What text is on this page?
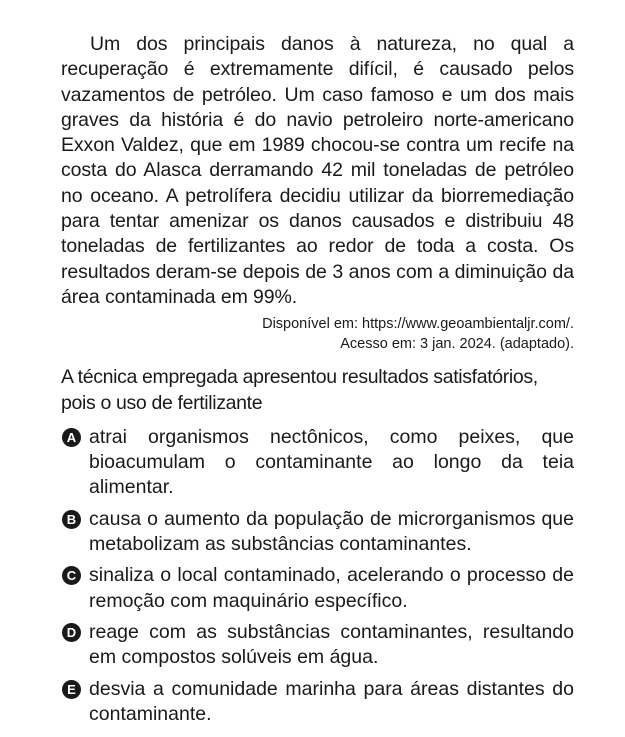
Um dos principais danos à natureza, no qual a recuperação é extremamente difícil, é causado pelos vazamentos de petróleo. Um caso famoso e um dos mais graves da história é do navio petroleiro norte-americano Exxon Valdez, que em 1989 chocou-se contra um recife na costa do Alasca derramando 42 mil toneladas de petróleo no oceano. A petrolífera decidiu utilizar da biorremediação para tentar amenizar os danos causados e distribuiu 48 toneladas de fertilizantes ao redor de toda a costa. Os resultados deram-se depois de 3 anos com a diminuição da área contaminada em 99%.

Disponível em: https://www.geoambientaljr.com/.
Acesso em: 3 jan. 2024. (adaptado).
A técnica empregada apresentou resultados satisfatórios, pois o uso de fertilizante
A atrai organismos nectônicos, como peixes, que bioacumulam o contaminante ao longo da teia alimentar.
B causa o aumento da população de microrganismos que metabolizam as substâncias contaminantes.
C sinaliza o local contaminado, acelerando o processo de remoção com maquinário específico.
D reage com as substâncias contaminantes, resultando em compostos solúveis em água.
E desvia a comunidade marinha para áreas distantes do contaminante.
